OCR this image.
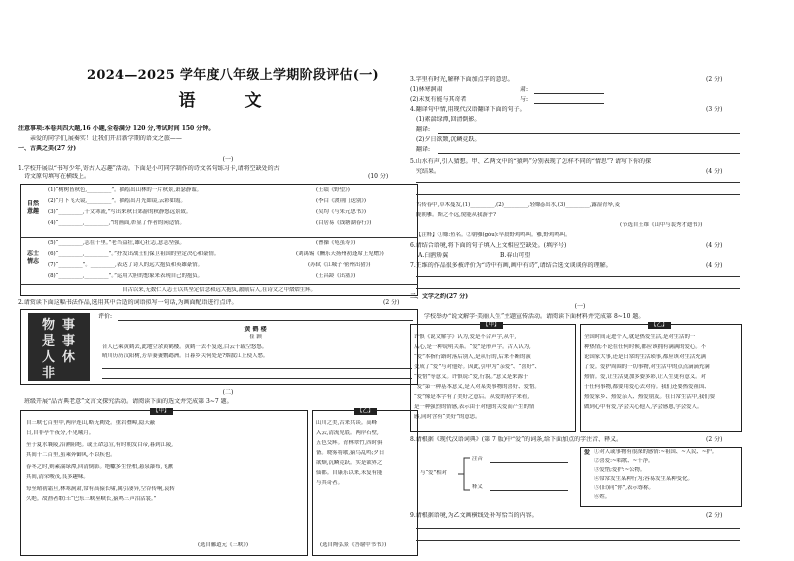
2024—2025 学年度八年级上学期阶段评估(一)
语　文
注意事项:本卷共四大题,16 小题,全卷满分 120 分,考试时间 150 分钟。
亲爱的同学们,展奏实！让我们开启新学期的语文之旅——
一、古典之美(27 分)
(一)
1.学校开展以“书写少年,寄古人志趣”活动。下面是小可同学制作的诗文名句练习卡,请将空缺处的古
诗文原句填写在横线上。	(10 分)
自然
意趣
志士
情志
(1)“树树皆秋色,_________”。描绘出山林的一片秋景,萧瑟静谧。	(王绩《野望》)
(2)“月下飞天镜,_________”。描绘出月光如镜,云彩如霞。	(李白《渡荆门送别》)
(3)“_________,千文寒流,”写出来秋日郊游的秋静悠远景致。	(吴均《与朱元思书》)
(4)“_________,_________,”的画面,彰显了作者的闲适情。	(白居易《钱塘湖春行》)
(5)“_________,志在千里。”老当益壮,雄心壮志,意志坚强。	(曹操《龟虽寿》)
(6)“_________,_________”。”抒发出战士们保卫祖国的坚定决心和豪情。	(刘禹锡《酬乐天扬州初逢席上见赠》)
(7)“_________”。_________,表达了诗人的远大抱负和英雄豪情。	(苏轼《江城子·密州出猎》)
(8)“_________,_________”。”运用大胆的想象来表现自己的抱负。	(王昌龄《出塞》)
自古以来,无数仁人志士以其坚定信念和远大抱负,激励后人,在诗文之中熠熠生辉。
2.请赏读下面这幅书法作品,选用其中合适的词语拟写一句话,为画面配语进行点评。	(2 分)
物
是
人
非
事
事
休
评价:
黄 鹤 楼
崔 颢
昔人已乘黄鹤去,此地空余黄鹤楼。黄鹤一去不复返,白云千载空悠悠。
晴川历历汉阳树,芳草萋萋鹦鹉洲。日暮乡关何处是?烟波江上使人愁。
(二)
班级开展“品古典老意”文言文探究活动。请阅读下面的选文并完成第 3~7 题。
【甲】
自三峡七百里中,两岸连山,略无阙处。重岩叠嶂,隐天蔽
日,自非亭午夜分,不见曦月。
至于夏水襄陵,沿溯阻绝。或王命急宣,有时朝发白帝,暮到江陵,
其间千二百里,虽乘奔御风,不以疾也。
春冬之时,则素湍绿潭,回清倒影。绝巘多生怪柏,悬泉瀑布,飞漱
其间,清荣峻茂,良多趣味。
每至晴初霜旦,林寒涧肃,常有高猿长啸,属引凄异,空谷传响,哀转
久绝。故渔者歌曰:“巴东三峡巫峡长,猿鸣三声泪沾裳。”
(选自郦道元《三峡》)
【乙】
山川之美,古来共谈。高峰
入云,清流见底。两岸石壁,
五色交辉。青林翠竹,四时俱
备。晓雾将歇,猿鸟乱鸣;夕日
欲颓,沉鳞竞跃。实是欲界之
仙都。自康乐以来,未复有能
与其奇者。
(选自陶弘景《答谢中书书》)
3.字里有时光,解释下面加点字的意思。	(2 分)
(1)林寒涧肃	肃:
(2)未复有能与其奇者	与:
4.翻译句中情,用现代汉语翻译下面的句子。	(3 分)
(1)素湍绿潭,回清倒影。
翻译:
(2)夕日欲颓,沉鳞竞跃。
翻译:
5.山水有声,引人猜想。甲、乙两文中的“猿鸣”分别表现了怎样不同的“情思”? 请写下你的探
究结果。	(4 分)
古传春中,草木蔓发,(1)_________,(2)_________,轻鲦◎出水,(3)_________,露湿青皋,麦
陇朝雊。斯之不远,傥能从我游乎?
(节选自王维《山中与裴秀才迪书》)
【注释】①鲦:鱼名。②朝雊(gòu):早晨野鸡鸣叫。雊,野鸡鸣叫。
6.请结合语境,将下面的句子填入上文相应空缺处。(填序号)	(4 分)
A.白鸥矫翼	B.春山可望
7.王维的作品很多被评价为“诗中有画,画中有诗”,请结合选文谈谈你的理解。	(4 分)
二、文学之约(27 分)
(一)
学校举办“说文解字·美丽人生”主题宣传活动。请阅读下面材料并完成第 8~10 题。
【甲】
许慎《说文解字》认为,爱是不合声字,从牛,
从心,是一种说明关系。“爱”是形声字。古人认为,
“爱”本指行路时落后别人,是从行的,后来不断的演
变成了“爱”与对他好。因此,引申为“亲爱”、“喜好”、
“爱惜”等意义。许慎说:“爱,行貌。”意义是来源于
“爱”第一种基本意义,是人对某类事物的喜好、爱惜。
“爱”像是本字有了美好之意后。从爱的初字来看,
是一种强烈的情感,表示由于对他的关爱而产生的情
感,同时含有“美好”的意思。
【乙】
全国时间走进个人,就是热爱生活,是对生活的一
种热情;不论在任何时候,都应该拥有满满的爱心。不
论国家大事,还是日常的生活琐事,都应该对生活充满
了爱。爱护周围的一切事物,对生活中的点点滴滴充满
热情。爱,让生活更加多姿多彩,让人生更有意义。对
于任何事物,都要用爱心去对待。我们还要热爱祖国、
热爱家乡、热爱亲人、热爱朋友。在日常生活中,我们要
做到心中有爱,学会关心他人,学会感恩,学会爱人。
8.请根据《现代汉语词典》(第 7 版)中“爱”的词条,给下面加点的字注音、释义。	(2 分)
与“爱”相对
注音
释义
爱 ①对人或事物有很深的感情:~祖国、~人民、~护。
②喜爱:~唱歌、~干净。
③爱惜;爱护:~公物。
④常常发生某种行为;容易发生某种变化。
⑤(旧)同“你”,表示尊称。
⑥姓。
9.请根据语境,为乙文画横线处补写恰当的内容。	(2 分)
